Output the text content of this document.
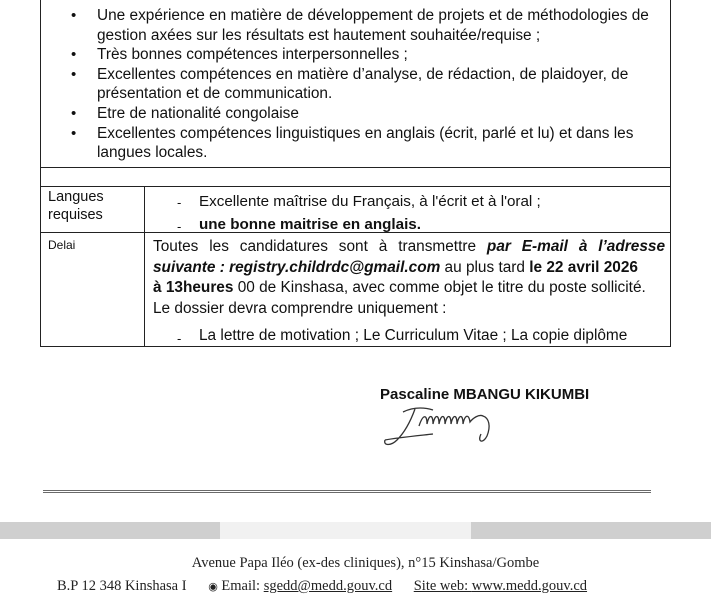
• Une expérience en matière de développement de projets et de méthodologies de gestion axées sur les résultats est hautement souhaitée/requise ;
• Très bonnes compétences interpersonnelles ;
• Excellentes compétences en matière d’analyse, de rédaction, de plaidoyer, de présentation et de communication.
• Etre de nationalité congolaise
• Excellentes compétences linguistiques en anglais (écrit, parlé et lu) et dans les langues locales.
Langues
requises
- Excellente maîtrise du Français, à l'écrit et à l'oral ;
- une bonne maitrise en anglais.
Delai	Toutes les candidatures sont à transmettre par E-mail à l’adresse
suivante : registry.childrdc@gmail.com au plus tard le 22 avril 2026
à 13heures 00 de Kinshasa, avec comme objet le titre du poste sollicité.
Le dossier devra comprendre uniquement :
- La lettre de motivation ; Le Curriculum Vitae ; La copie diplôme
Pascaline MBANGU KIKUMBI
Avenue Papa Iléo (ex-des cliniques), n°15 Kinshasa/Gombe
B.P 12 348 Kinshasa I ◉ Email: sgedd@medd.gouv.cd Site web: www.medd.gouv.cd
